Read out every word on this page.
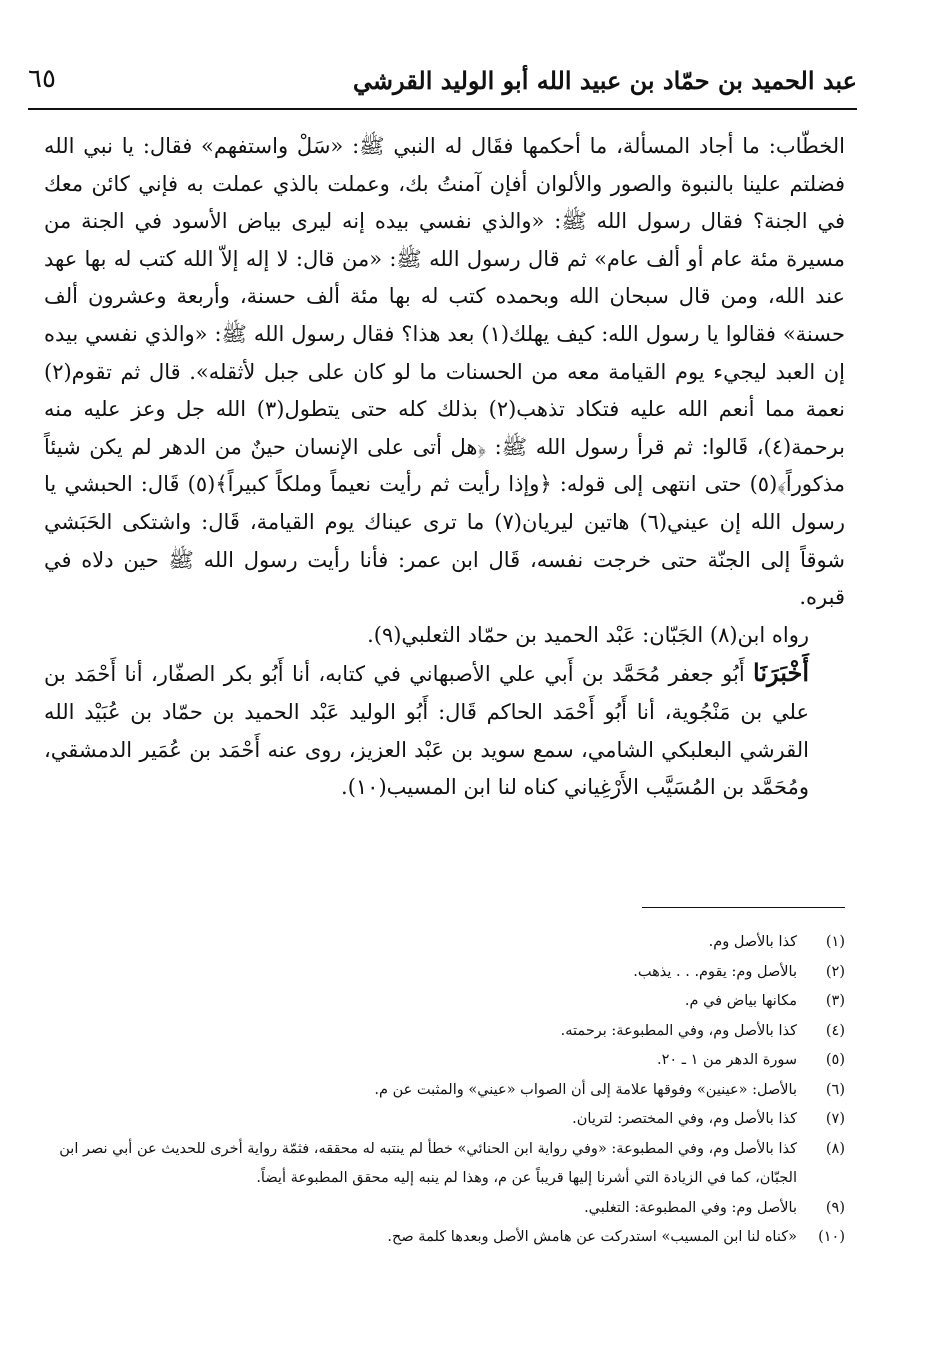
٦٥	عبد الحميد بن حمّاد بن عبيد الله أبو الوليد القرشي

الخطّاب: ما أجاد المسألة، ما أحكمها فقَال له النبي ﷺ: «سَلْ واستفهم» فقال: يا نبي الله فضلتم علينا بالنبوة والصور والألوان أفإن آمنتُ بك، وعملت بالذي عملت به فإني كائن معك في الجنة؟ فقال رسول الله ﷺ: «والذي نفسي بيده إنه ليرى بياض الأسود في الجنة من مسيرة مئة عام أو ألف عام» ثم قال رسول الله ﷺ: «من قال: لا إله إلاّ الله كتب له بها عهد عند الله، ومن قال سبحان الله وبحمده كتب له بها مئة ألف حسنة، وأربعة وعشرون ألف حسنة» فقالوا يا رسول الله: كيف يهلك(١) بعد هذا؟ فقال رسول الله ﷺ: «والذي نفسي بيده إن العبد ليجيء يوم القيامة معه من الحسنات ما لو كان على جبل لأثقله». قال ثم تقوم(٢) نعمة مما أنعم الله عليه فتكاد تذهب(٢) بذلك كله حتى يتطول(٣) الله جل وعز عليه منه برحمة(٤)، قَالوا: ثم قرأ رسول الله ﷺ: ﴿هل أتى على الإنسان حينٌ من الدهر لم يكن شيئاً مذكوراً﴾(٥) حتى انتهى إلى قوله: ﴿وإذا رأيت ثم رأيت نعيماً وملكاً كبيراً﴾(٥) قَال: الحبشي يا رسول الله إن عيني(٦) هاتين ليريان(٧) ما ترى عيناك يوم القيامة، قَال: واشتكى الحَبَشي شوقاً إلى الجنّة حتى خرجت نفسه، قَال ابن عمر: فأنا رأيت رسول الله ﷺ حين دلاه في قبره.

رواه ابن(٨) الجَبّان: عَبْد الحميد بن حمّاد الثعلبي(٩).

أَخْبَرَنَا أَبُو جعفر مُحَمَّد بن أَبي علي الأصبهاني في كتابه، أنا أَبُو بكر الصفّار، أنا أَحْمَد بن علي بن مَنْجُوية، أنا أَبُو أَحْمَد الحاكم قَال: أَبُو الوليد عَبْد الحميد بن حمّاد بن عُبَيْد الله القرشي البعلبكي الشامي، سمع سويد بن عَبْد العزيز، روى عنه أَحْمَد بن عُمَير الدمشقي، ومُحَمَّد بن المُسَيَّب الأَرْغِياني كناه لنا ابن المسيب(١٠).

(١)
كذا بالأصل وم.
(٢)
بالأصل وم: يقوم. . . يذهب.
(٣)
مكانها بياض في م.
(٤)
كذا بالأصل وم، وفي المطبوعة: برحمته.
(٥)
سورة الدهر من ١ ـ ٢٠.
(٦)
بالأصل: «عينين» وفوقها علامة إلى أن الصواب «عيني» والمثبت عن م.
(٧)
كذا بالأصل وم، وفي المختصر: لتريان.
(٨)
كذا بالأصل وم، وفي المطبوعة: «وفي رواية ابن الحنائي» خطأ لم ينتبه له محققه، فثمّة رواية أخرى للحديث عن أبي نصر ابن الجبّان، كما في الزيادة التي أشرنا إليها قريباً عن م، وهذا لم ينبه إليه محقق المطبوعة أيضاً.
(٩)
بالأصل وم: وفي المطبوعة: التغلبي.
(١٠)
«كناه لنا ابن المسيب» استدركت عن هامش الأصل وبعدها كلمة صح.
